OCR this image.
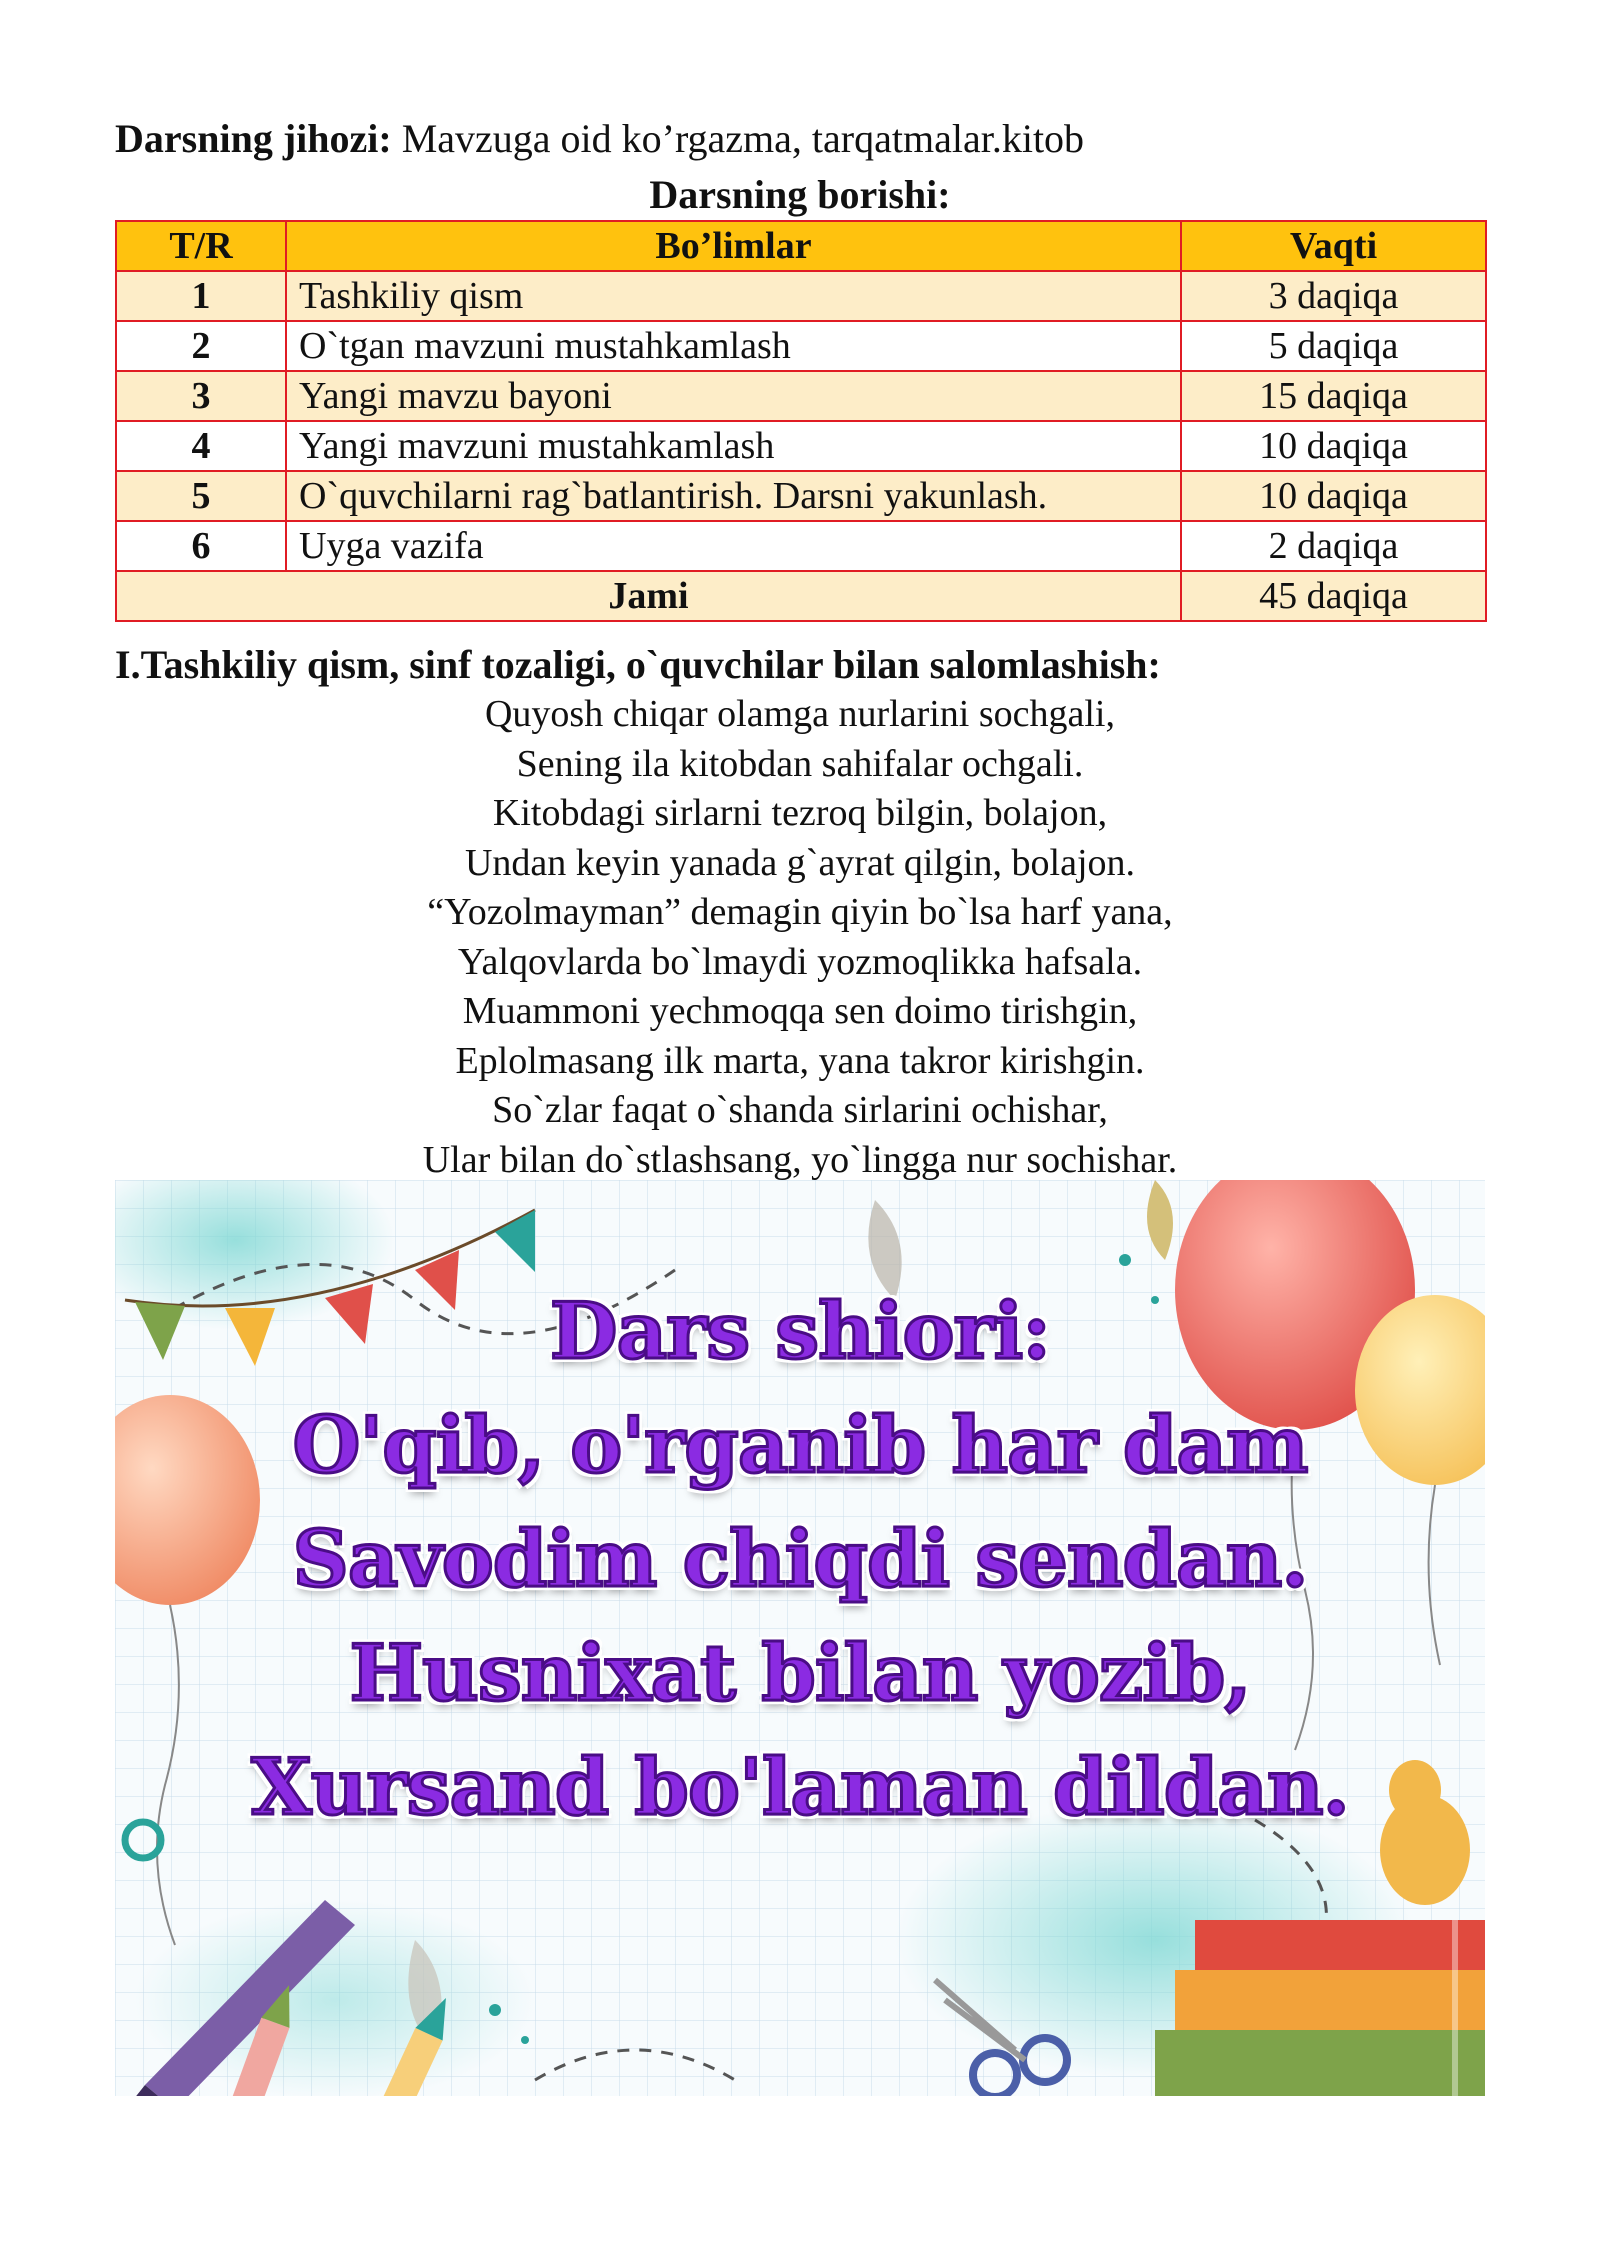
Darsning jihozi: Mavzuga oid ko’rgazma, tarqatmalar.kitob
Darsning borishi:
T/R	Bo’limlar	Vaqti
1	Tashkiliy qism	3 daqiqa
2	O`tgan mavzuni mustahkamlash	5 daqiqa
3	Yangi mavzu bayoni	15 daqiqa
4	Yangi mavzuni mustahkamlash	10 daqiqa
5	O`quvchilarni rag`batlantirish. Darsni yakunlash.	10 daqiqa
6	Uyga vazifa	2 daqiqa
Jami		45 daqiqa
I.Tashkiliy qism, sinf tozaligi, o`quvchilar bilan salomlashish:
Quyosh chiqar olamga nurlarini sochgali,
Sening ila kitobdan sahifalar ochgali.
Kitobdagi sirlarni tezroq bilgin, bolajon,
Undan keyin yanada g`ayrat qilgin, bolajon.
“Yozolmayman” demagin qiyin bo`lsa harf yana,
Yalqovlarda bo`lmaydi yozmoqlikka hafsala.
Muammoni yechmoqqa sen doimo tirishgin,
Eplolmasang ilk marta, yana takror kirishgin.
So`zlar faqat o`shanda sirlarini ochishar,
Ular bilan do`stlashsang, yo`lingga nur sochishar.
Dars shiori:
O'qib, o'rganib har dam
Savodim chiqdi sendan.
Husnixat bilan yozib,
Xursand bo'laman dildan.
